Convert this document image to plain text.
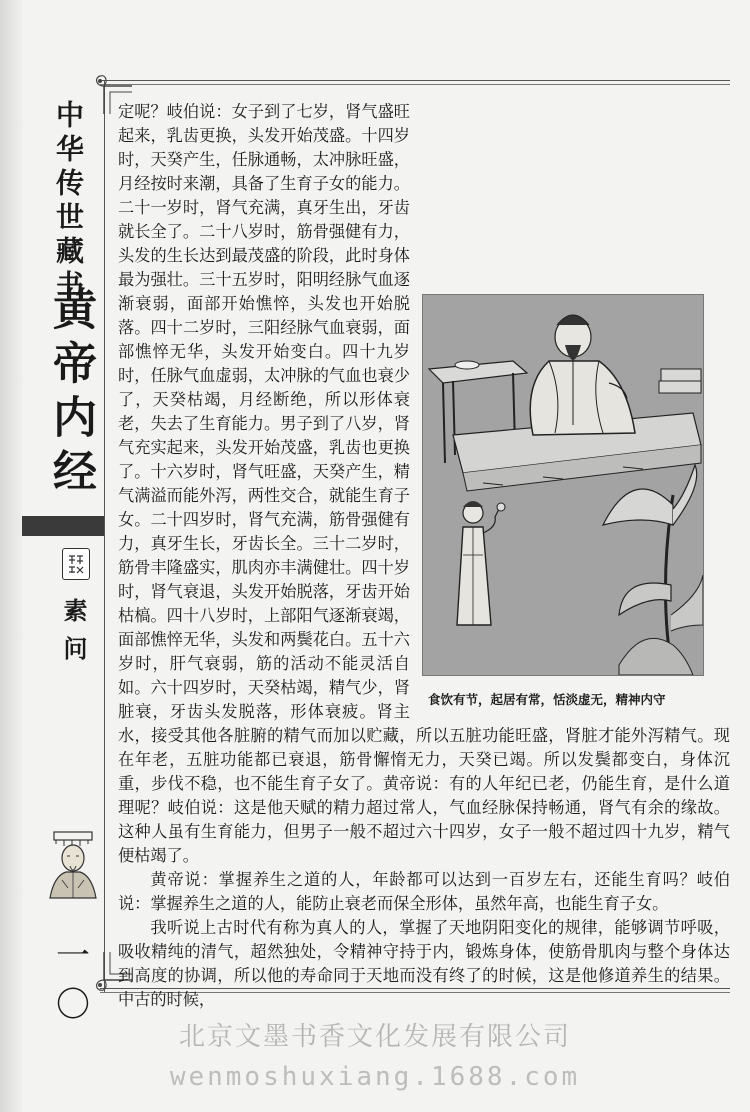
中华传世藏书
黄帝内经
素问
一〇
食饮有节，起居有常，恬淡虚无，精神内守

定呢？岐伯说：女子到了七岁，肾气盛旺起来，乳齿更换，头发开始茂盛。十四岁时，天癸产生，任脉通畅，太冲脉旺盛，月经按时来潮，具备了生育子女的能力。二十一岁时，肾气充满，真牙生出，牙齿就长全了。二十八岁时，筋骨强健有力，头发的生长达到最茂盛的阶段，此时身体最为强壮。三十五岁时，阳明经脉气血逐渐衰弱，面部开始憔悴，头发也开始脱落。四十二岁时，三阳经脉气血衰弱，面部憔悴无华，头发开始变白。四十九岁时，任脉气血虚弱，太冲脉的气血也衰少了，天癸枯竭，月经断绝，所以形体衰老，失去了生育能力。男子到了八岁，肾气充实起来，头发开始茂盛，乳齿也更换了。十六岁时，肾气旺盛，天癸产生，精气满溢而能外泻，两性交合，就能生育子女。二十四岁时，肾气充满，筋骨强健有力，真牙生长，牙齿长全。三十二岁时，筋骨丰隆盛实，肌肉亦丰满健壮。四十岁时，肾气衰退，头发开始脱落，牙齿开始枯槁。四十八岁时，上部阳气逐渐衰竭，面部憔悴无华，头发和两鬓花白。五十六岁时，肝气衰弱，筋的活动不能灵活自如。六十四岁时，天癸枯竭，精气少，肾脏衰，牙齿头发脱落，形体衰疲。肾主水，接受其他各脏腑的精气而加以贮藏，所以五脏功能旺盛，肾脏才能外泻精气。现在年老，五脏功能都已衰退，筋骨懈惰无力，天癸已竭。所以发鬓都变白，身体沉重，步伐不稳，也不能生育子女了。黄帝说：有的人年纪已老，仍能生育，是什么道理呢？岐伯说：这是他天赋的精力超过常人，气血经脉保持畅通，肾气有余的缘故。这种人虽有生育能力，但男子一般不超过六十四岁，女子一般不超过四十九岁，精气便枯竭了。

黄帝说：掌握养生之道的人，年龄都可以达到一百岁左右，还能生育吗？岐伯说：掌握养生之道的人，能防止衰老而保全形体，虽然年高，也能生育子女。

我听说上古时代有称为真人的人，掌握了天地阴阳变化的规律，能够调节呼吸，吸收精纯的清气，超然独处，令精神守持于内，锻炼身体，使筋骨肌肉与整个身体达到高度的协调，所以他的寿命同于天地而没有终了的时候，这是他修道养生的结果。中古的时候，

北京文墨书香文化发展有限公司
wenmoshuxiang.1688.com
